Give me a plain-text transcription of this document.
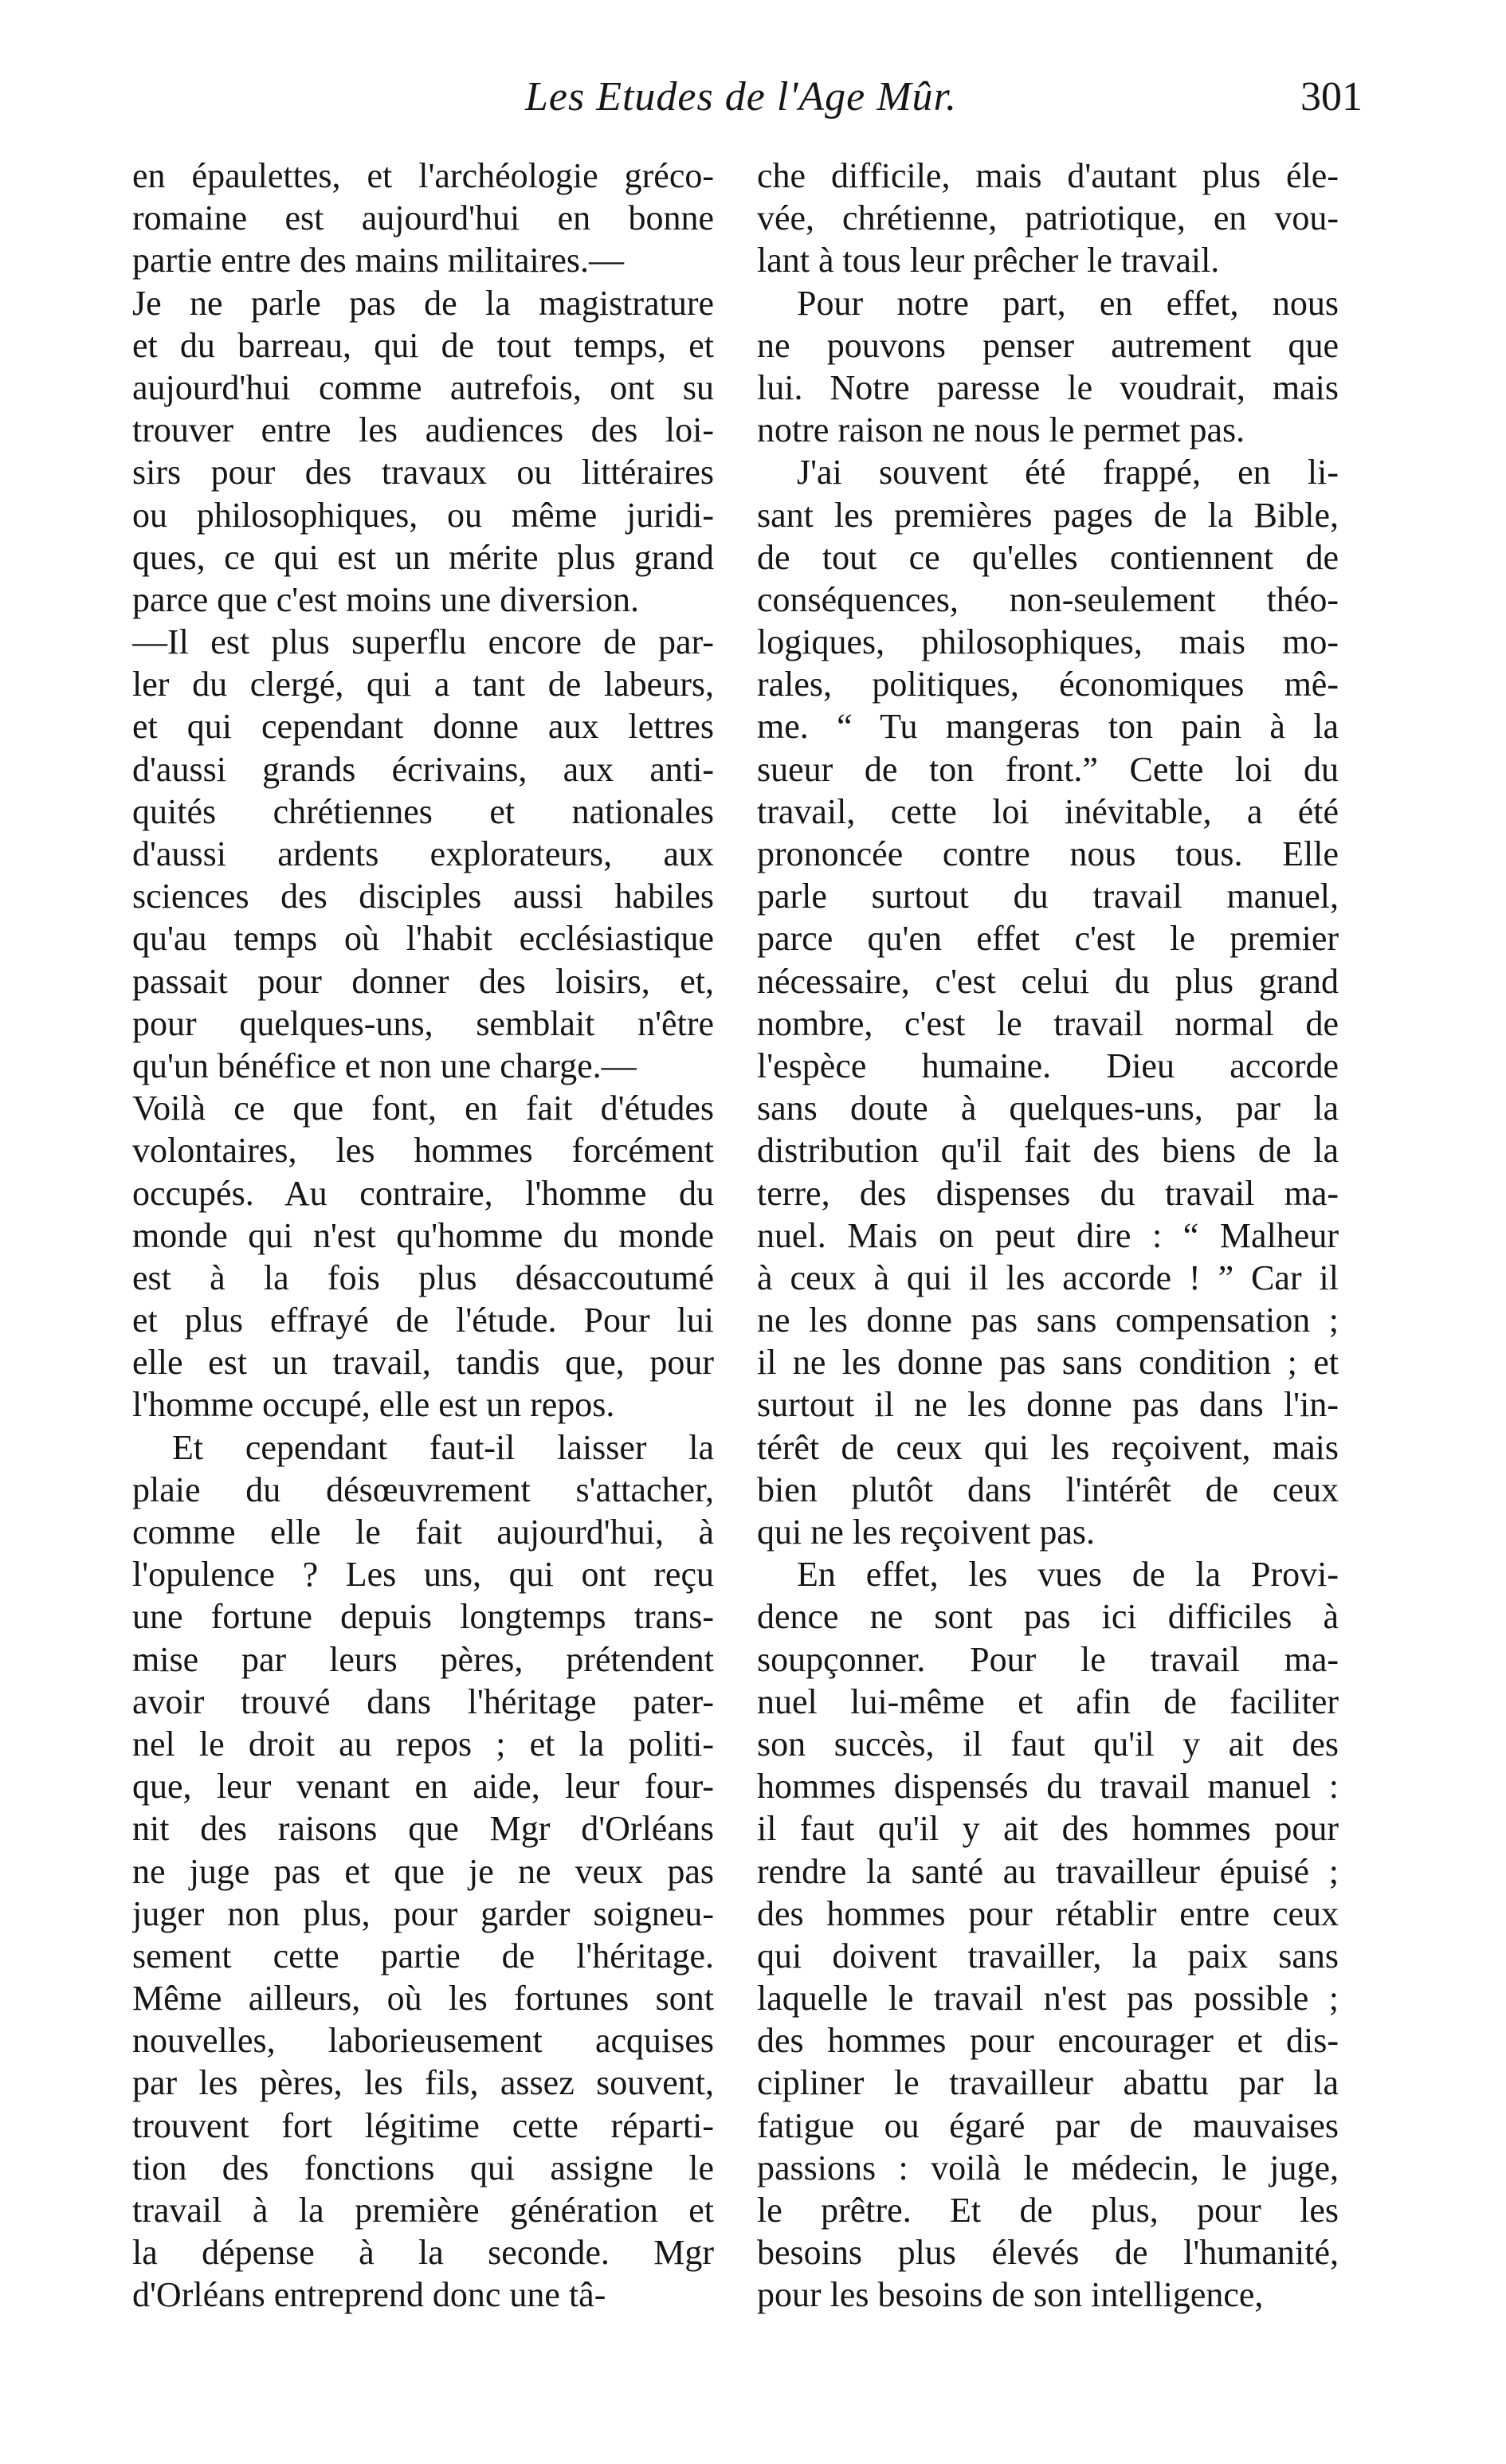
Les Etudes de l'Age Mûr.	301
en épaulettes, et l'archéologie gréco-
romaine est aujourd'hui en bonne
partie entre des mains militaires.—
Je ne parle pas de la magistrature
et du barreau, qui de tout temps, et
aujourd'hui comme autrefois, ont su
trouver entre les audiences des loi-
sirs pour des travaux ou littéraires
ou philosophiques, ou même juridi-
ques, ce qui est un mérite plus grand
parce que c'est moins une diversion.
—Il est plus superflu encore de par-
ler du clergé, qui a tant de labeurs,
et qui cependant donne aux lettres
d'aussi grands écrivains, aux anti-
quités chrétiennes et nationales
d'aussi ardents explorateurs, aux
sciences des disciples aussi habiles
qu'au temps où l'habit ecclésiastique
passait pour donner des loisirs, et,
pour quelques-uns, semblait n'être
qu'un bénéfice et non une charge.—
Voilà ce que font, en fait d'études
volontaires, les hommes forcément
occupés. Au contraire, l'homme du
monde qui n'est qu'homme du monde
est à la fois plus désaccoutumé
et plus effrayé de l'étude. Pour lui
elle est un travail, tandis que, pour
l'homme occupé, elle est un repos.
Et cependant faut-il laisser la
plaie du désœuvrement s'attacher,
comme elle le fait aujourd'hui, à
l'opulence ? Les uns, qui ont reçu
une fortune depuis longtemps trans-
mise par leurs pères, prétendent
avoir trouvé dans l'héritage pater-
nel le droit au repos ; et la politi-
que, leur venant en aide, leur four-
nit des raisons que Mgr d'Orléans
ne juge pas et que je ne veux pas
juger non plus, pour garder soigneu-
sement cette partie de l'héritage.
Même ailleurs, où les fortunes sont
nouvelles, laborieusement acquises
par les pères, les fils, assez souvent,
trouvent fort légitime cette réparti-
tion des fonctions qui assigne le
travail à la première génération et
la dépense à la seconde. Mgr
d'Orléans entreprend donc une tâ-
che difficile, mais d'autant plus éle-
vée, chrétienne, patriotique, en vou-
lant à tous leur prêcher le travail.
Pour notre part, en effet, nous
ne pouvons penser autrement que
lui. Notre paresse le voudrait, mais
notre raison ne nous le permet pas.
J'ai souvent été frappé, en li-
sant les premières pages de la Bible,
de tout ce qu'elles contiennent de
conséquences, non-seulement théo-
logiques, philosophiques, mais mo-
rales, politiques, économiques mê-
me. “ Tu mangeras ton pain à la
sueur de ton front.” Cette loi du
travail, cette loi inévitable, a été
prononcée contre nous tous. Elle
parle surtout du travail manuel,
parce qu'en effet c'est le premier
nécessaire, c'est celui du plus grand
nombre, c'est le travail normal de
l'espèce humaine. Dieu accorde
sans doute à quelques-uns, par la
distribution qu'il fait des biens de la
terre, des dispenses du travail ma-
nuel. Mais on peut dire : “ Malheur
à ceux à qui il les accorde ! ” Car il
ne les donne pas sans compensation ;
il ne les donne pas sans condition ; et
surtout il ne les donne pas dans l'in-
térêt de ceux qui les reçoivent, mais
bien plutôt dans l'intérêt de ceux
qui ne les reçoivent pas.
En effet, les vues de la Provi-
dence ne sont pas ici difficiles à
soupçonner. Pour le travail ma-
nuel lui-même et afin de faciliter
son succès, il faut qu'il y ait des
hommes dispensés du travail manuel :
il faut qu'il y ait des hommes pour
rendre la santé au travailleur épuisé ;
des hommes pour rétablir entre ceux
qui doivent travailler, la paix sans
laquelle le travail n'est pas possible ;
des hommes pour encourager et dis-
cipliner le travailleur abattu par la
fatigue ou égaré par de mauvaises
passions : voilà le médecin, le juge,
le prêtre. Et de plus, pour les
besoins plus élevés de l'humanité,
pour les besoins de son intelligence,
